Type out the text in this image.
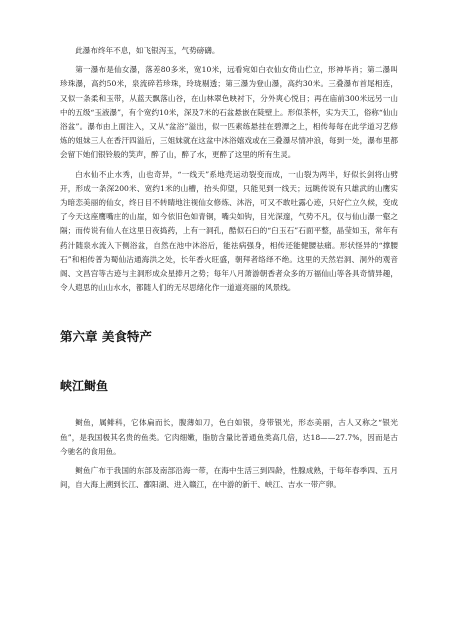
此瀑布终年不息，如飞银泻玉，气势磅礴。

第一瀑布是仙女瀑，落差80多米，宽10米，远看宛如白衣仙女倚山伫立，形神毕肖；第二瀑叫珍珠瀑，高约50米，泉流碎若珍珠，玲珑剔透；第三瀑为登山瀑，高约30米。三叠瀑布首尾相连，又似一条柔和玉带，从蓝天飘落山谷，在山林翠色映衬下，分外爽心悦目；再在庙前300米远另一山中的五级“玉液瀑”，有个宽约10米，深及7米的石盆悬嵌在陡壁上。形似茶杯，实为天工，俗称“仙山浴盆”。瀑布由上面注入，又从“盆浴”溢出，似一匹素练悬挂在碧潭之上，相传每每在此学道习艺修炼的姐妹三人在香汗四溢后，三姐妹就在这盆中沐浴嬉戏或在三叠瀑尽情冲浪，每到一处，瀑布里都会留下她们银铃般的笑声，醉了山，醉了水，更醉了这里的所有生灵。

白水仙不止水秀，山也奇异，“一线天”系地壳运动裂变而成，一山裂为两半，好似长剑将山劈开，形成一条深200米、宽约1米的山槽，抬头仰望，只能见到一线天；远眺传说有只雄武的山鹰实为暗恋美丽的仙女，终日目不转睛地注视仙女修炼、沐浴，可又不敢吐露心迹，只好伫立久候，变成了今天这座鹰嘴庄的山崖，如今依旧色如青铜，嘴尖如钩，目光深邃，气势不凡，仅与仙山瀑一壑之隔；而传说有仙人在这里日夜捣药，上有一洞孔，酷似石臼的“臼玉石”石面平整，晶莹如玉，常年有药汁随泉水流入下侧浴盆，自然在池中沐浴后，能祛病强身，相传还能健腰祛痛。形状怪异的“撑腰石”和相传普为蜀仙沾通海洪之处，长年香火旺盛，朝拜者络绎不绝。这里的天然岩洞、洞外的观音阁、文昌宫等古迹与主洞形成众星捧月之势；每年八月萧游朝香者众多的万福仙山等各具奇情异趣，令人遐思的山山水水，都随人们的无尽思绪化作一道道亮丽的风景线。

第六章 美食特产
峡江鲥鱼

鲥鱼，属鲱科，它体扁而长，腹薄如刀，色白如银，身带银光，形态美丽，古人又称之“银光鱼”，是我国极其名贵的鱼类。它肉细嫩，脂肪含量比普通鱼类高几倍，达18——27.7%，因而是古今驰名的食用鱼。

鲥鱼广布于我国的东部及南部沿海一带，在海中生活三到四龄，性腺成熟，于每年春季四、五月间，自大海上溯到长江、鄱阳湖、进入赣江，在中游的新干、峡江、吉水一带产卵。
